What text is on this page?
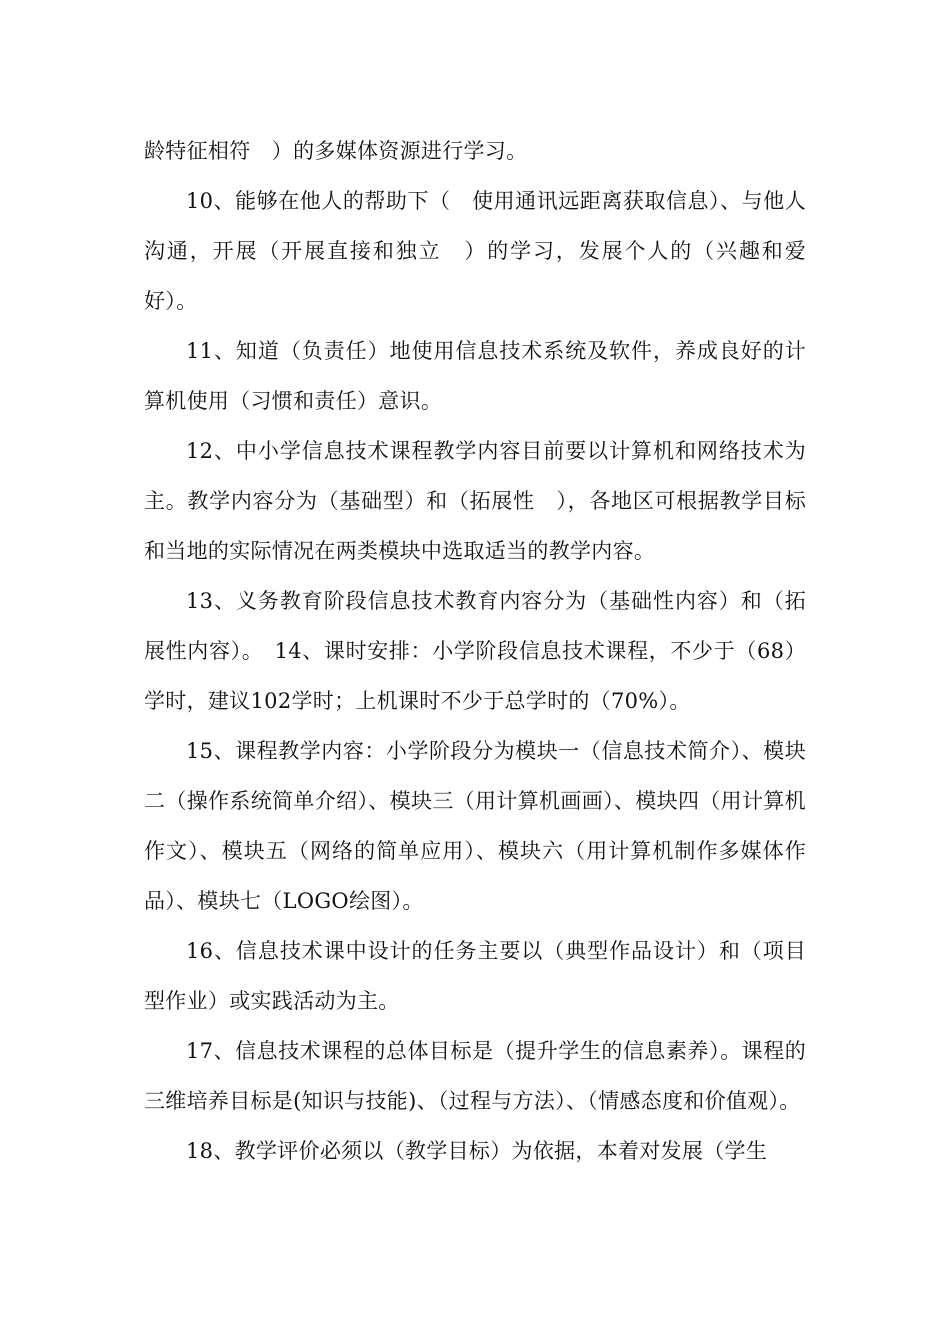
龄特征相符　）的多媒体资源进行学习。

10、能够在他人的帮助下（　使用通讯远距离获取信息）、与他人沟通，开展（开展直接和独立　）的学习，发展个人的（兴趣和爱好）。

11、知道（负责任）地使用信息技术系统及软件，养成良好的计算机使用（习惯和责任）意识。

12、中小学信息技术课程教学内容目前要以计算机和网络技术为主。教学内容分为（基础型）和（拓展性　），各地区可根据教学目标和当地的实际情况在两类模块中选取适当的教学内容。

13、义务教育阶段信息技术教育内容分为（基础性内容）和（拓展性内容）。　14、课时安排：小学阶段信息技术课程，不少于（68）学时，建议102学时；上机课时不少于总学时的（70%）。

15、课程教学内容：小学阶段分为模块一（信息技术简介）、模块二（操作系统简单介绍）、模块三（用计算机画画）、模块四（用计算机作文）、模块五（网络的简单应用）、模块六（用计算机制作多媒体作品）、模块七（LOGO绘图）。

16、信息技术课中设计的任务主要以（典型作品设计）和（项目型作业）或实践活动为主。

17、信息技术课程的总体目标是（提升学生的信息素养）。课程的三维培养目标是(知识与技能)、（过程与方法）、（情感态度和价值观）。

18、教学评价必须以（教学目标）为依据，本着对发展（学生
